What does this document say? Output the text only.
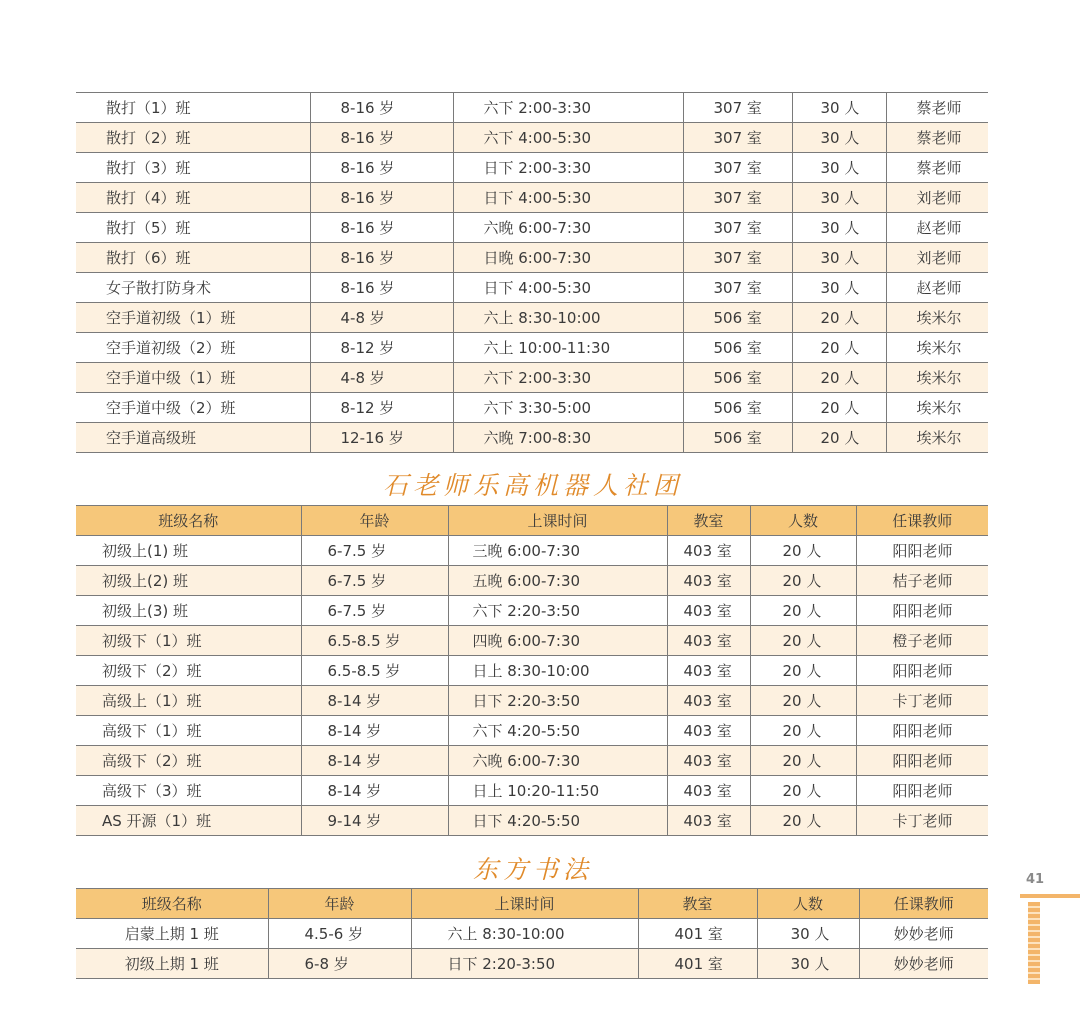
散打（1）班	8-16 岁	六下 2:00-3:30	307 室	30 人	蔡老师
散打（2）班	8-16 岁	六下 4:00-5:30	307 室	30 人	蔡老师
散打（3）班	8-16 岁	日下 2:00-3:30	307 室	30 人	蔡老师
散打（4）班	8-16 岁	日下 4:00-5:30	307 室	30 人	刘老师
散打（5）班	8-16 岁	六晚 6:00-7:30	307 室	30 人	赵老师
散打（6）班	8-16 岁	日晚 6:00-7:30	307 室	30 人	刘老师
女子散打防身术	8-16 岁	日下 4:00-5:30	307 室	30 人	赵老师
空手道初级（1）班	4-8 岁	六上 8:30-10:00	506 室	20 人	埃米尔
空手道初级（2）班	8-12 岁	六上 10:00-11:30	506 室	20 人	埃米尔
空手道中级（1）班	4-8 岁	六下 2:00-3:30	506 室	20 人	埃米尔
空手道中级（2）班	8-12 岁	六下 3:30-5:00	506 室	20 人	埃米尔
空手道高级班	12-16 岁	六晚 7:00-8:30	506 室	20 人	埃米尔
石老师乐高机器人社团
班级名称	年龄	上课时间	教室	人数	任课教师
初级上(1) 班	6-7.5 岁	三晚 6:00-7:30	403 室	20 人	阳阳老师
初级上(2) 班	6-7.5 岁	五晚 6:00-7:30	403 室	20 人	桔子老师
初级上(3) 班	6-7.5 岁	六下 2:20-3:50	403 室	20 人	阳阳老师
初级下（1）班	6.5-8.5 岁	四晚 6:00-7:30	403 室	20 人	橙子老师
初级下（2）班	6.5-8.5 岁	日上 8:30-10:00	403 室	20 人	阳阳老师
高级上（1）班	8-14 岁	日下 2:20-3:50	403 室	20 人	卡丁老师
高级下（1）班	8-14 岁	六下 4:20-5:50	403 室	20 人	阳阳老师
高级下（2）班	8-14 岁	六晚 6:00-7:30	403 室	20 人	阳阳老师
高级下（3）班	8-14 岁	日上 10:20-11:50	403 室	20 人	阳阳老师
AS 开源（1）班	9-14 岁	日下 4:20-5:50	403 室	20 人	卡丁老师
东方书法
班级名称	年龄	上课时间	教室	人数	任课教师
启蒙上期 1 班	4.5-6 岁	六上 8:30-10:00	401 室	30 人	妙妙老师
初级上期 1 班	6-8 岁	日下 2:20-3:50	401 室	30 人	妙妙老师
41
